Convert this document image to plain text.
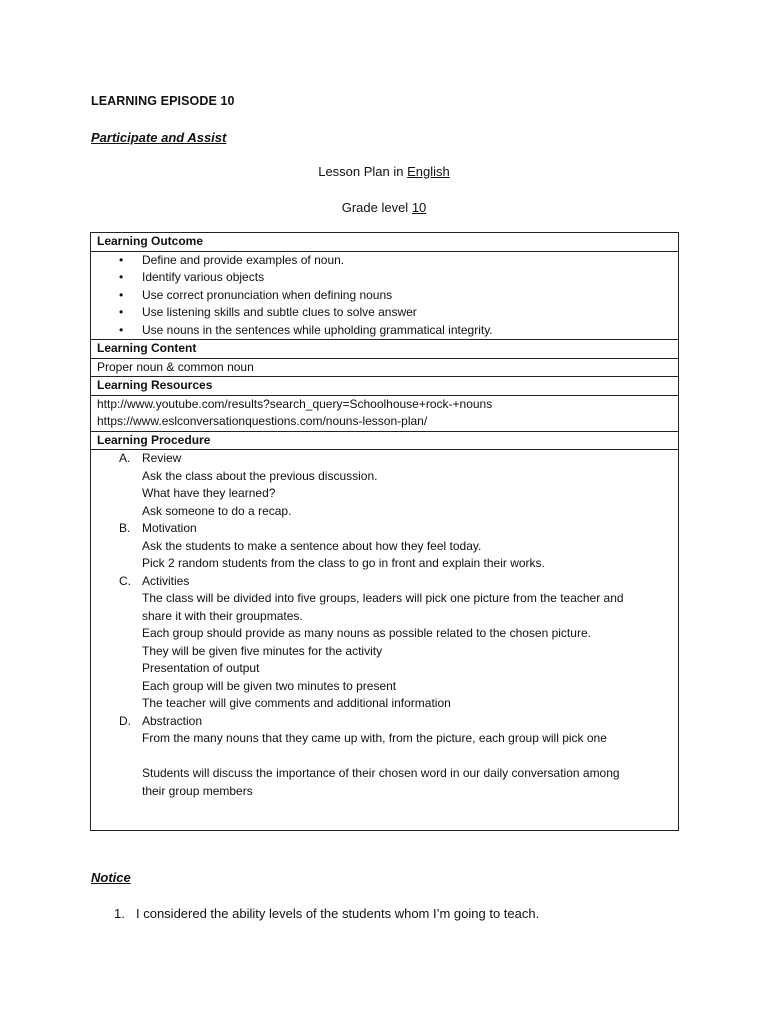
LEARNING EPISODE 10
Participate and Assist
Lesson Plan in English
Grade level 10
Learning Outcome

• Define and provide examples of noun.
• Identify various objects
• Use correct pronunciation when defining nouns
• Use listening skills and subtle clues to solve answer
• Use nouns in the sentences while upholding grammatical integrity.

Learning Content
Proper noun & common noun
Learning Resources

http://www.youtube.com/results?search_query=Schoolhouse+rock-+nouns
https://www.eslconversationquestions.com/nouns-lesson-plan/

Learning Procedure

A. Review
Ask the class about the previous discussion.
What have they learned?
Ask someone to do a recap.
B. Motivation
Ask the students to make a sentence about how they feel today.
Pick 2 random students from the class to go in front and explain their works.
C. Activities
The class will be divided into five groups, leaders will pick one picture from the teacher and
share it with their groupmates.
Each group should provide as many nouns as possible related to the chosen picture.
They will be given five minutes for the activity
Presentation of output
Each group will be given two minutes to present
The teacher will give comments and additional information
D. Abstraction
From the many nouns that they came up with, from the picture, each group will pick one
Students will discuss the importance of their chosen word in our daily conversation among
their group members
Notice
1. I considered the ability levels of the students whom I’m going to teach.
